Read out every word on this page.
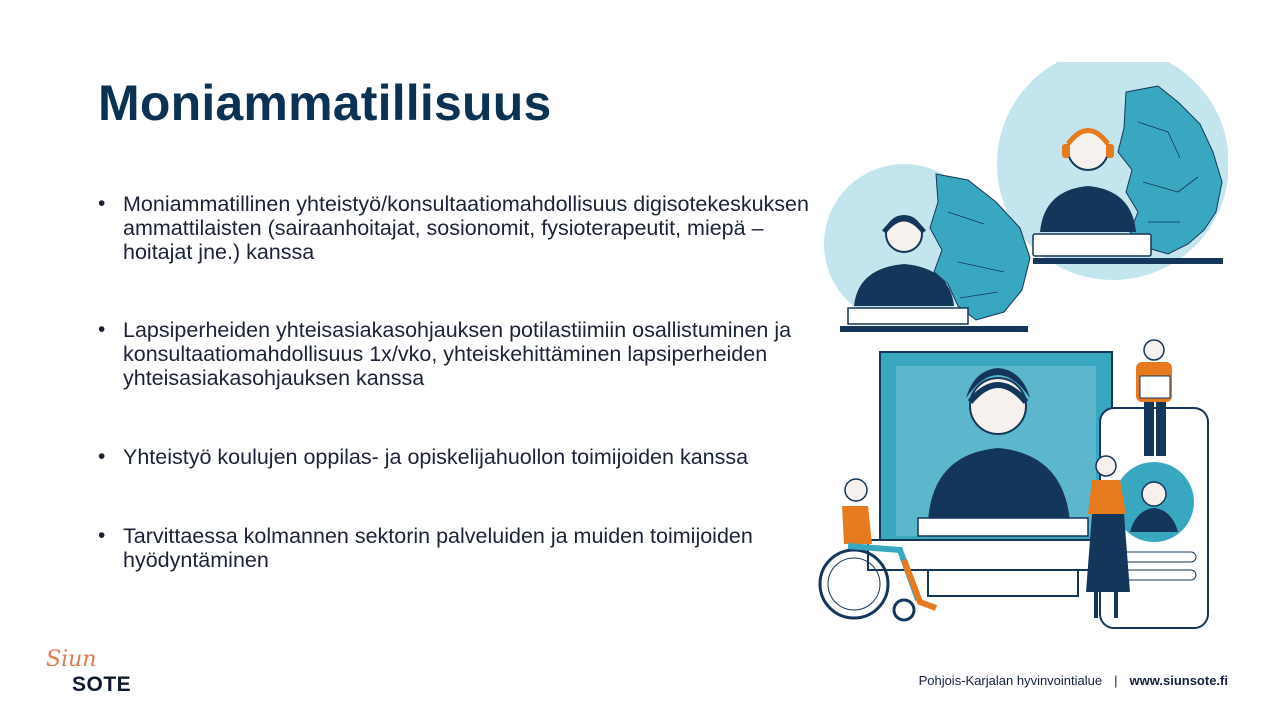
Moniammatillisuus
• Moniammatillinen yhteistyö/konsultaatiomahdollisuus digisotekeskuksen ammattilaisten (sairaanhoitajat, sosionomit, fysioterapeutit, miepä –hoitajat jne.) kanssa
• Lapsiperheiden yhteisasiakasohjauksen potilastiimiin osallistuminen ja konsultaatiomahdollisuus 1x/vko, yhteiskehittäminen lapsiperheiden yhteisasiakasohjauksen kanssa
• Yhteistyö koulujen oppilas- ja opiskelijahuollon toimijoiden kanssa
• Tarvittaessa kolmannen sektorin palveluiden ja muiden toimijoiden hyödyntäminen
Siun
SOTE	Pohjois-Karjalan hyvinvointialue | www.siunsote.fi
